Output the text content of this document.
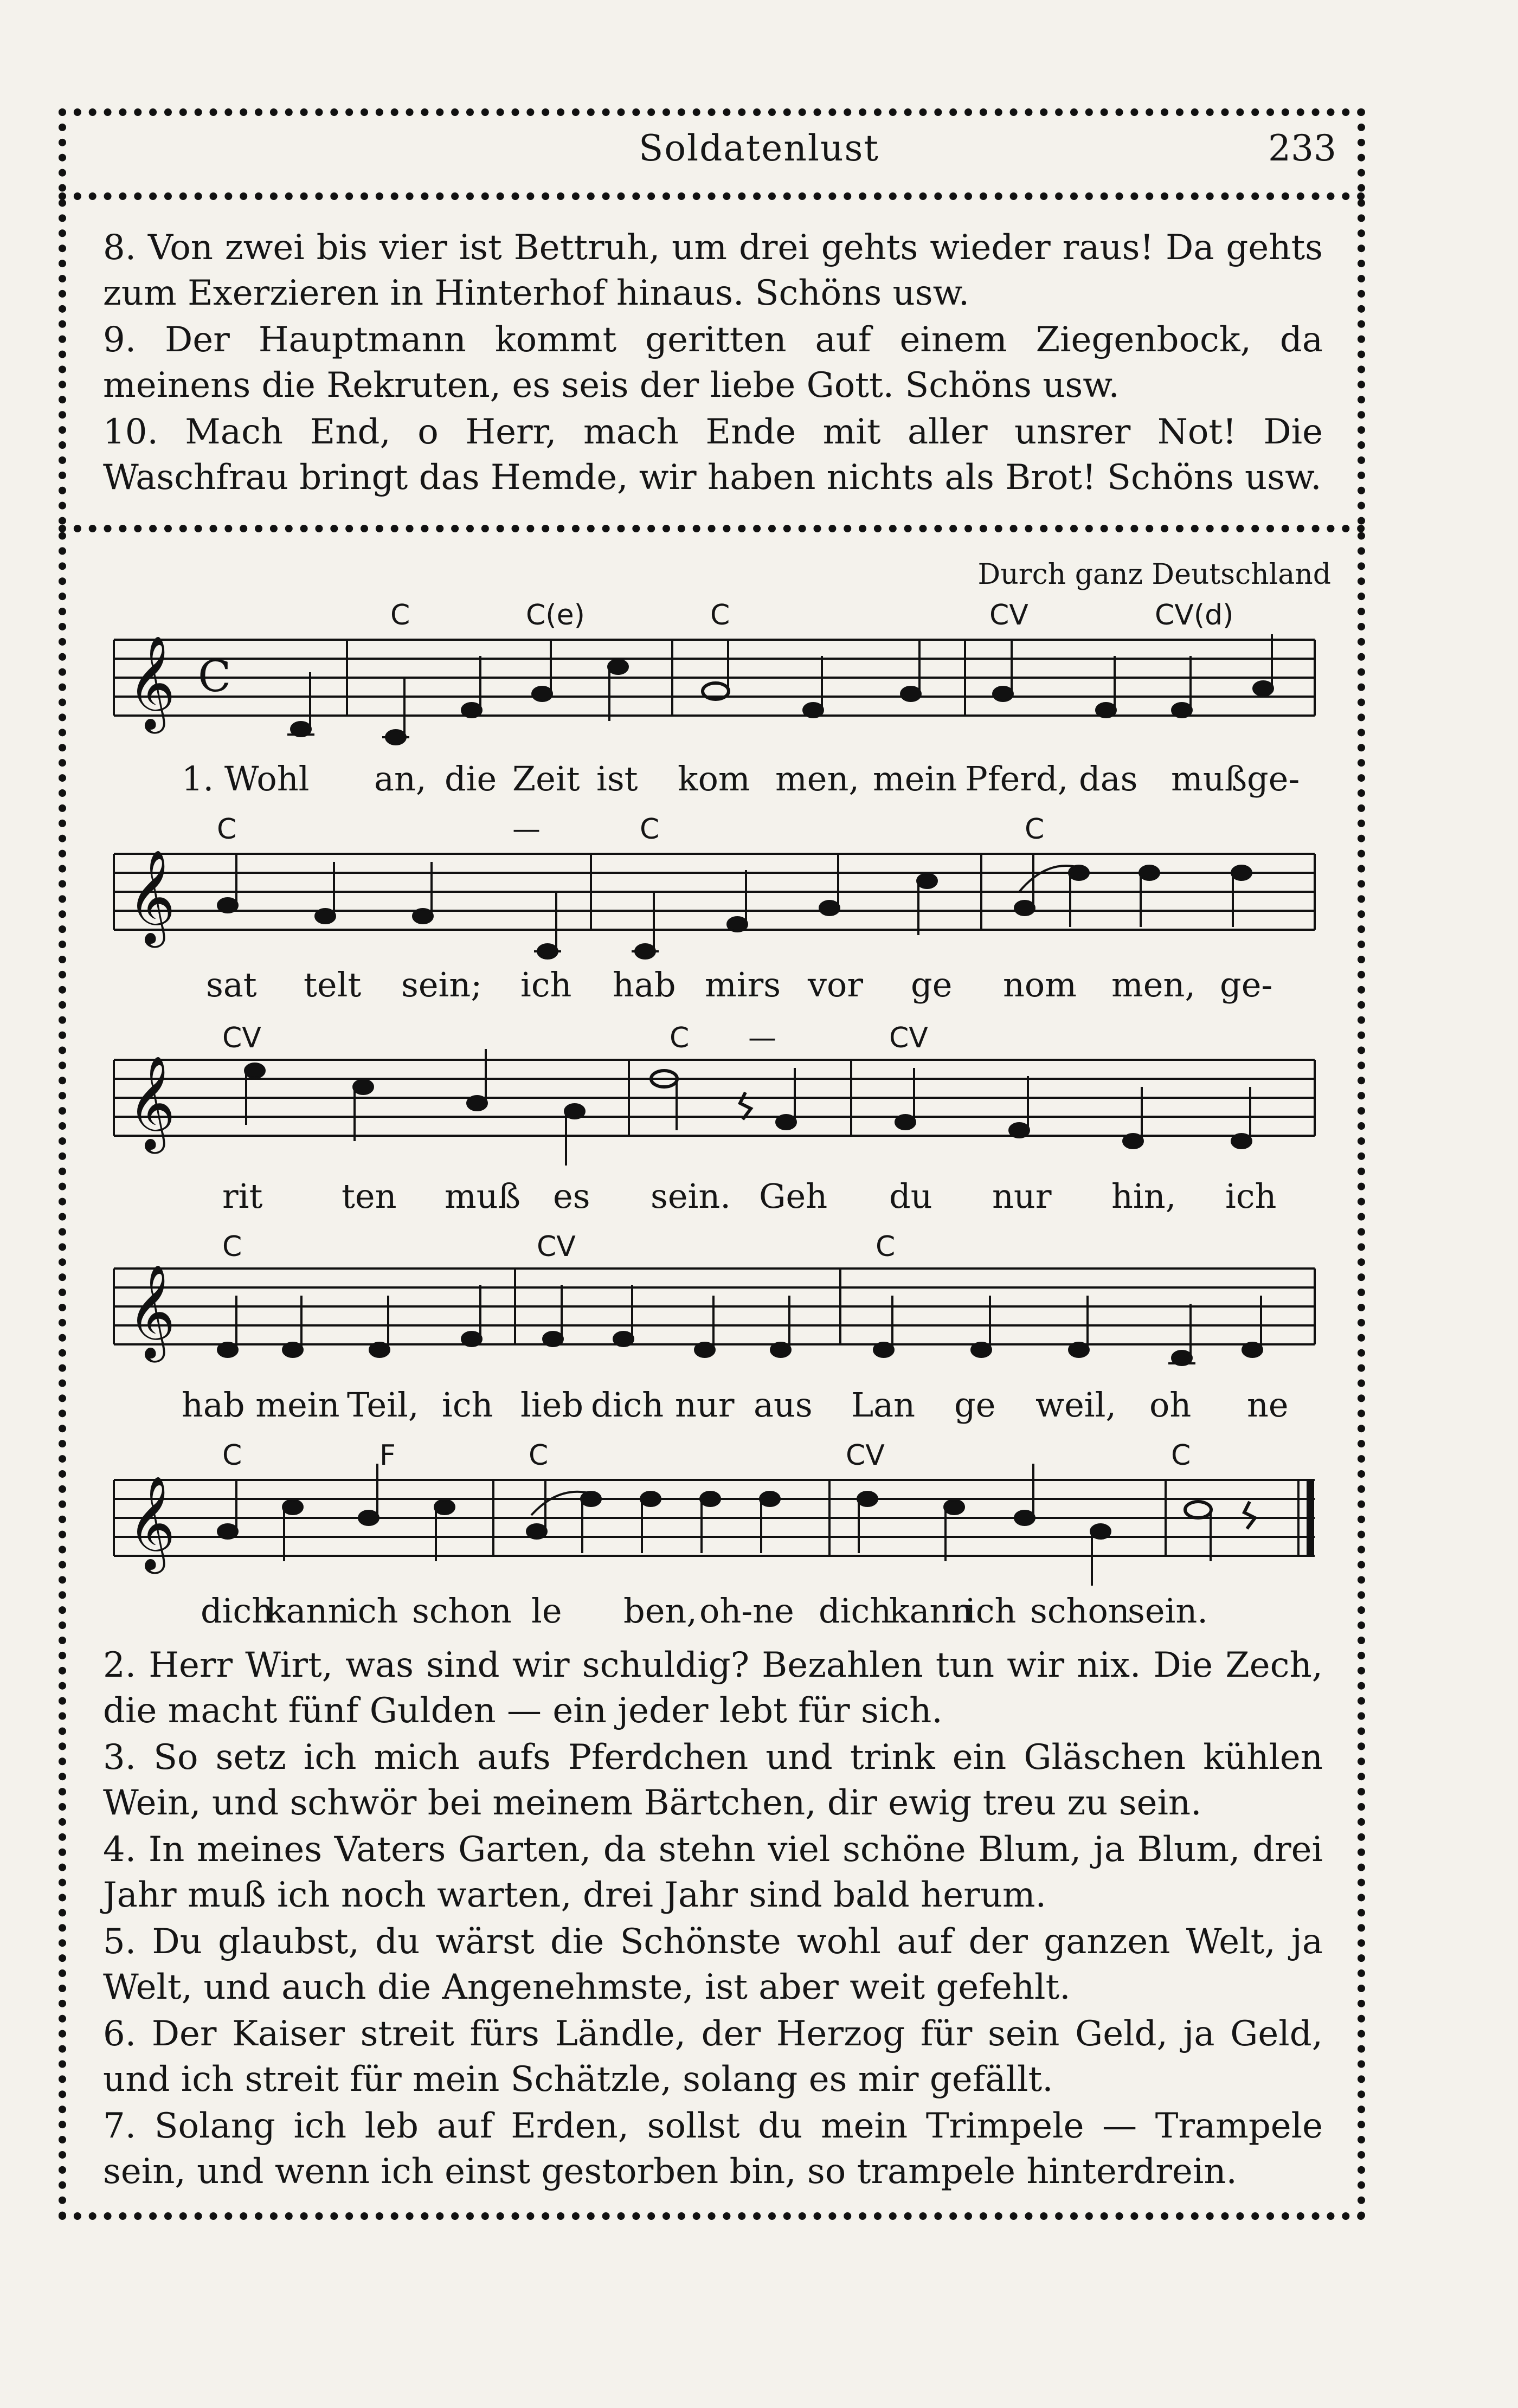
Soldatenlust	233
8. Von zwei bis vier ist Bettruh, um drei gehts wieder raus! Da gehts zum Exerzieren in Hinterhof hinaus. Schöns usw.
9. Der Hauptmann kommt geritten auf einem Ziegenbock, da meinens die Rekruten, es seis der liebe Gott. Schöns usw.
10. Mach End, o Herr, mach Ende mit aller unsrer Not! Die Waschfrau bringt das Hemde, wir haben nichts als Brot! Schöns usw.
Durch ganz Deutschland
C	C(e)	C	CV	CV(d)
𝄞 C
1. Wohl an, die Zeit ist kom men, mein Pferd, das muß ge-
C	—	C	C
𝄞
sat telt sein; ich hab mirs vor ge nom men, ge-
CV	C —	CV
𝄞
rit ten muß es sein. Geh du nur hin, ich
C	CV	C
𝄞
hab mein Teil, ich lieb dich nur aus Lan ge weil, oh ne
C	F	C	CV	C
𝄞
dich
kann
ich schon le ben, oh-ne dich
kann
ich schon
sein.
2. Herr Wirt, was sind wir schuldig? Bezahlen tun wir nix. Die Zech, die macht fünf Gulden — ein jeder lebt für sich.
3. So setz ich mich aufs Pferdchen und trink ein Gläschen kühlen Wein, und schwör bei meinem Bärtchen, dir ewig treu zu sein.
4. In meines Vaters Garten, da stehn viel schöne Blum, ja Blum, drei Jahr muß ich noch warten, drei Jahr sind bald herum.
5. Du glaubst, du wärst die Schönste wohl auf der ganzen Welt, ja Welt, und auch die Angenehmste, ist aber weit gefehlt.
6. Der Kaiser streit fürs Ländle, der Herzog für sein Geld, ja Geld, und ich streit für mein Schätzle, solang es mir gefällt.
7. Solang ich leb auf Erden, sollst du mein Trimpele — Trampele sein, und wenn ich einst gestorben bin, so trampele hinterdrein.
